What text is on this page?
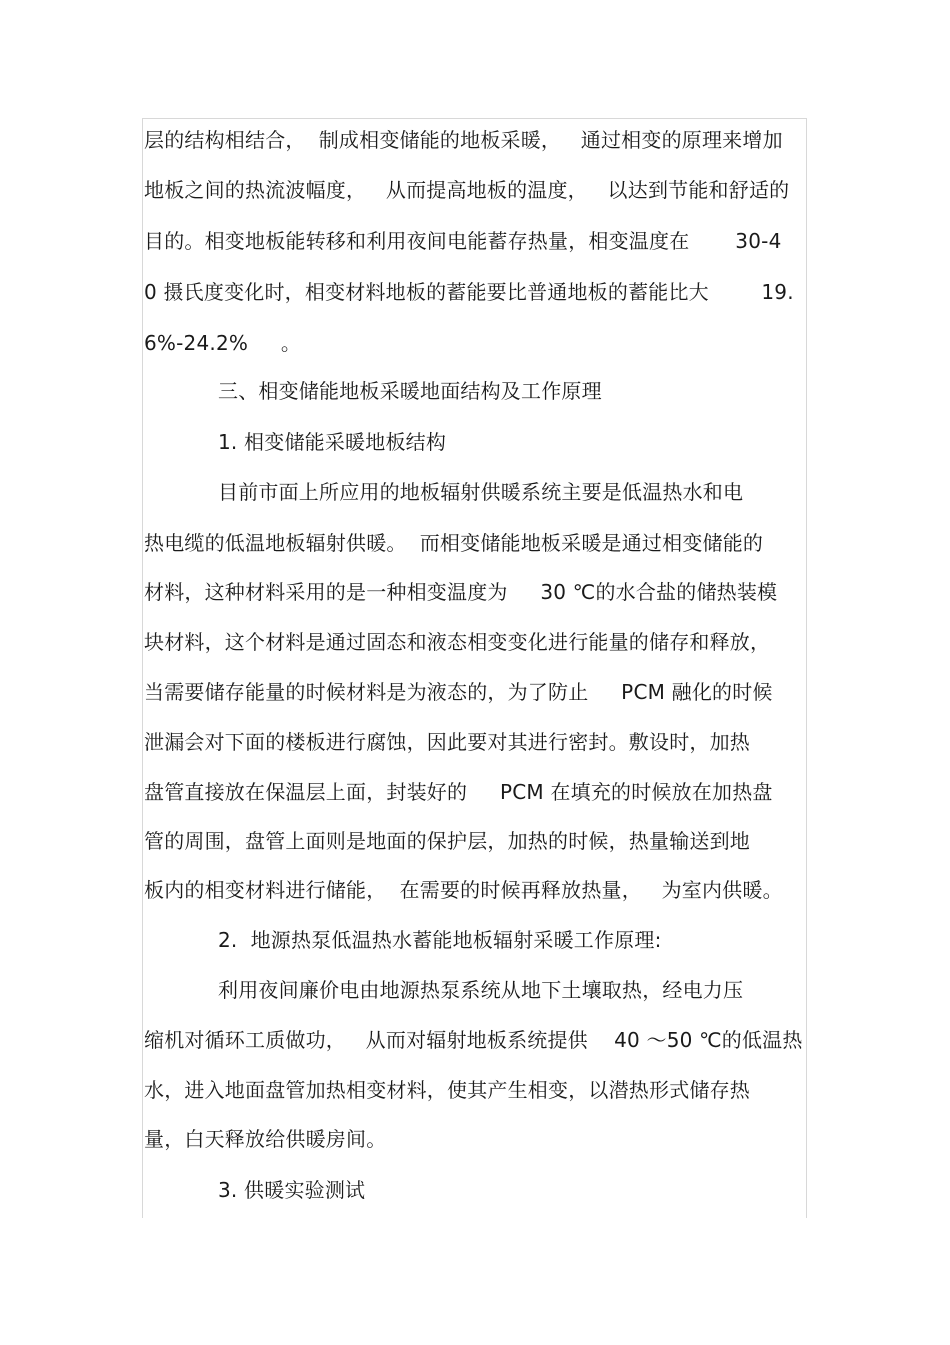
层的结构相结合，  制成相变储能的地板采暖，   通过相变的原理来增加
地板之间的热流波幅度，   从而提高地板的温度，   以达到节能和舒适的
目的。相变地板能转移和利用夜间电能蓄存热量，相变温度在       30-4
0 摄氏度变化时，相变材料地板的蓄能要比普通地板的蓄能比大        19.
6%-24.2%     。
三、相变储能地板采暖地面结构及工作原理
1. 相变储能采暖地板结构
目前市面上所应用的地板辐射供暖系统主要是低温热水和电
热电缆的低温地板辐射供暖。  而相变储能地板采暖是通过相变储能的
材料，这种材料采用的是一种相变温度为     30 ℃的水合盐的储热装模
块材料，这个材料是通过固态和液态相变变化进行能量的储存和释放，
当需要储存能量的时候材料是为液态的，为了防止     PCM 融化的时候
泄漏会对下面的楼板进行腐蚀，因此要对其进行密封。敷设时，加热
盘管直接放在保温层上面，封装好的     PCM 在填充的时候放在加热盘
管的周围，盘管上面则是地面的保护层，加热的时候，热量输送到地
板内的相变材料进行储能，  在需要的时候再释放热量，   为室内供暖。
2.  地源热泵低温热水蓄能地板辐射采暖工作原理:
利用夜间廉价电由地源热泵系统从地下土壤取热，经电力压
缩机对循环工质做功，   从而对辐射地板系统提供    40 ～50 ℃的低温热
水，进入地面盘管加热相变材料，使其产生相变，以潜热形式储存热
量，白天释放给供暖房间。
3. 供暖实验测试
